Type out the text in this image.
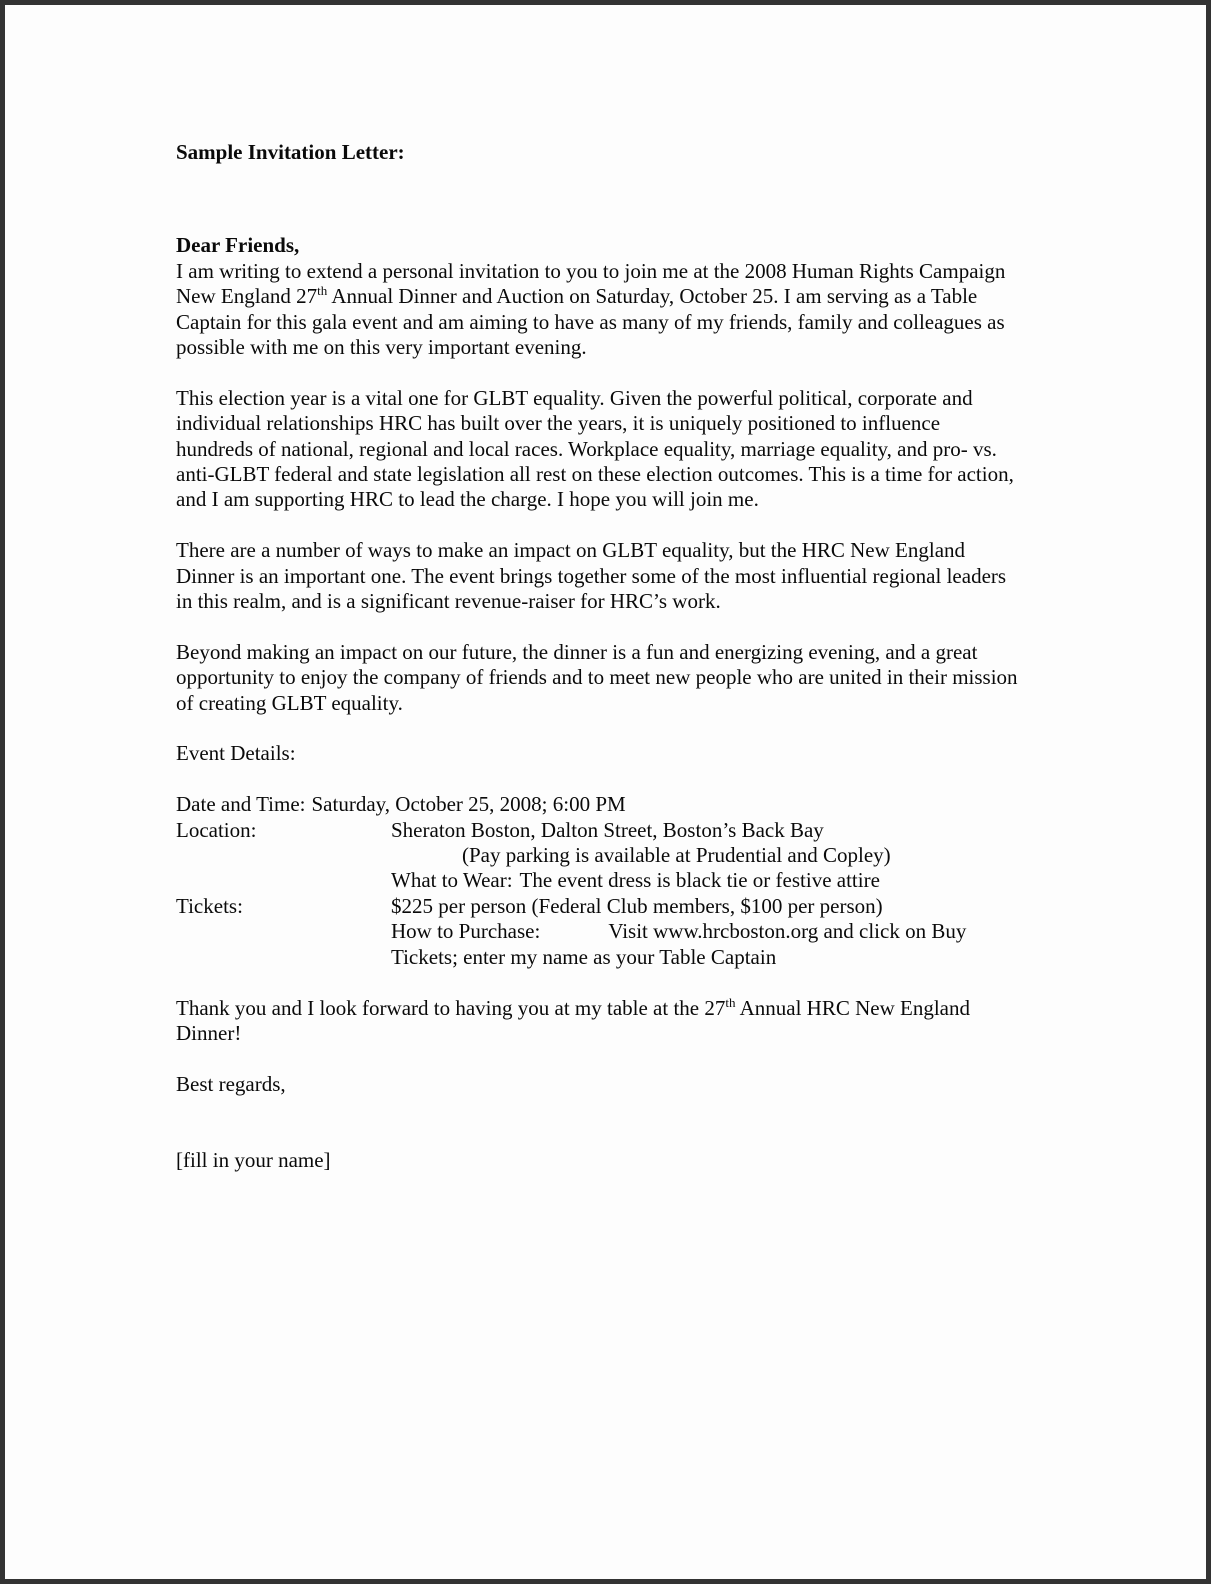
Sample Invitation Letter:
Dear Friends,

I am writing to extend a personal invitation to you to join me at the 2008 Human Rights Campaign New England 27th Annual Dinner and Auction on Saturday, October 25. I am serving as a Table Captain for this gala event and am aiming to have as many of my friends, family and colleagues as possible with me on this very important evening.

This election year is a vital one for GLBT equality. Given the powerful political, corporate and individual relationships HRC has built over the years, it is uniquely positioned to influence hundreds of national, regional and local races. Workplace equality, marriage equality, and pro- vs. anti-GLBT federal and state legislation all rest on these election outcomes. This is a time for action, and I am supporting HRC to lead the charge. I hope you will join me.

There are a number of ways to make an impact on GLBT equality, but the HRC New England Dinner is an important one. The event brings together some of the most influential regional leaders in this realm, and is a significant revenue-raiser for HRC’s work.

Beyond making an impact on our future, the dinner is a fun and energizing evening, and a great opportunity to enjoy the company of friends and to meet new people who are united in their mission of creating GLBT equality.

Event Details:
Date and Time: Saturday, October 25, 2008; 6:00 PM
Location:	Sheraton Boston, Dalton Street, Boston’s Back Bay
(Pay parking is available at Prudential and Copley)
What to Wear: The event dress is black tie or festive attire
Tickets:	$225 per person (Federal Club members, $100 per person)
How to Purchase:	Visit www.hrcboston.org and click on Buy
Tickets; enter my name as your Table Captain

Thank you and I look forward to having you at my table at the 27th Annual HRC New England Dinner!

Best regards,
[fill in your name]
